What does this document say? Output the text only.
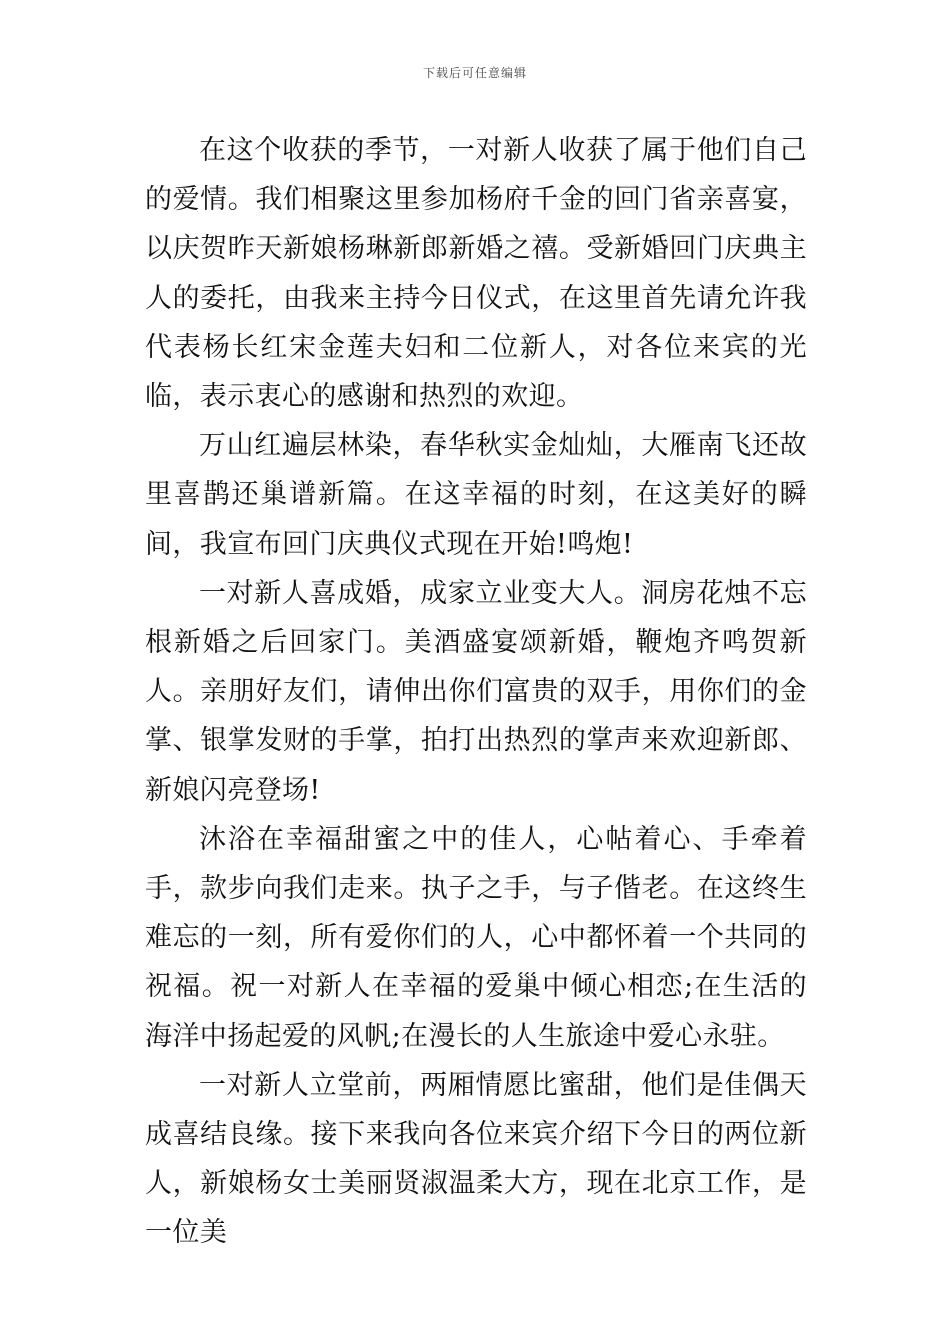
下载后可任意编辑

在这个收获的季节，一对新人收获了属于他们自己的爱情。我们相聚这里参加杨府千金的回门省亲喜宴，以庆贺昨天新娘杨琳新郎新婚之禧。受新婚回门庆典主人的委托，由我来主持今日仪式，在这里首先请允许我代表杨长红宋金莲夫妇和二位新人，对各位来宾的光临，表示衷心的感谢和热烈的欢迎。

万山红遍层林染，春华秋实金灿灿，大雁南飞还故里喜鹊还巢谱新篇。在这幸福的时刻，在这美好的瞬间，我宣布回门庆典仪式现在开始!鸣炮!

一对新人喜成婚，成家立业变大人。洞房花烛不忘根新婚之后回家门。美酒盛宴颂新婚，鞭炮齐鸣贺新人。亲朋好友们，请伸出你们富贵的双手，用你们的金掌、银掌发财的手掌，拍打出热烈的掌声来欢迎新郎、新娘闪亮登场!

沐浴在幸福甜蜜之中的佳人，心帖着心、手牵着手，款步向我们走来。执子之手，与子偕老。在这终生难忘的一刻，所有爱你们的人，心中都怀着一个共同的祝福。祝一对新人在幸福的爱巢中倾心相恋;在生活的海洋中扬起爱的风帆;在漫长的人生旅途中爱心永驻。

一对新人立堂前，两厢情愿比蜜甜，他们是佳偶天成喜结良缘。接下来我向各位来宾介绍下今日的两位新人，新娘杨女士美丽贤淑温柔大方，现在北京工作，是一位美
